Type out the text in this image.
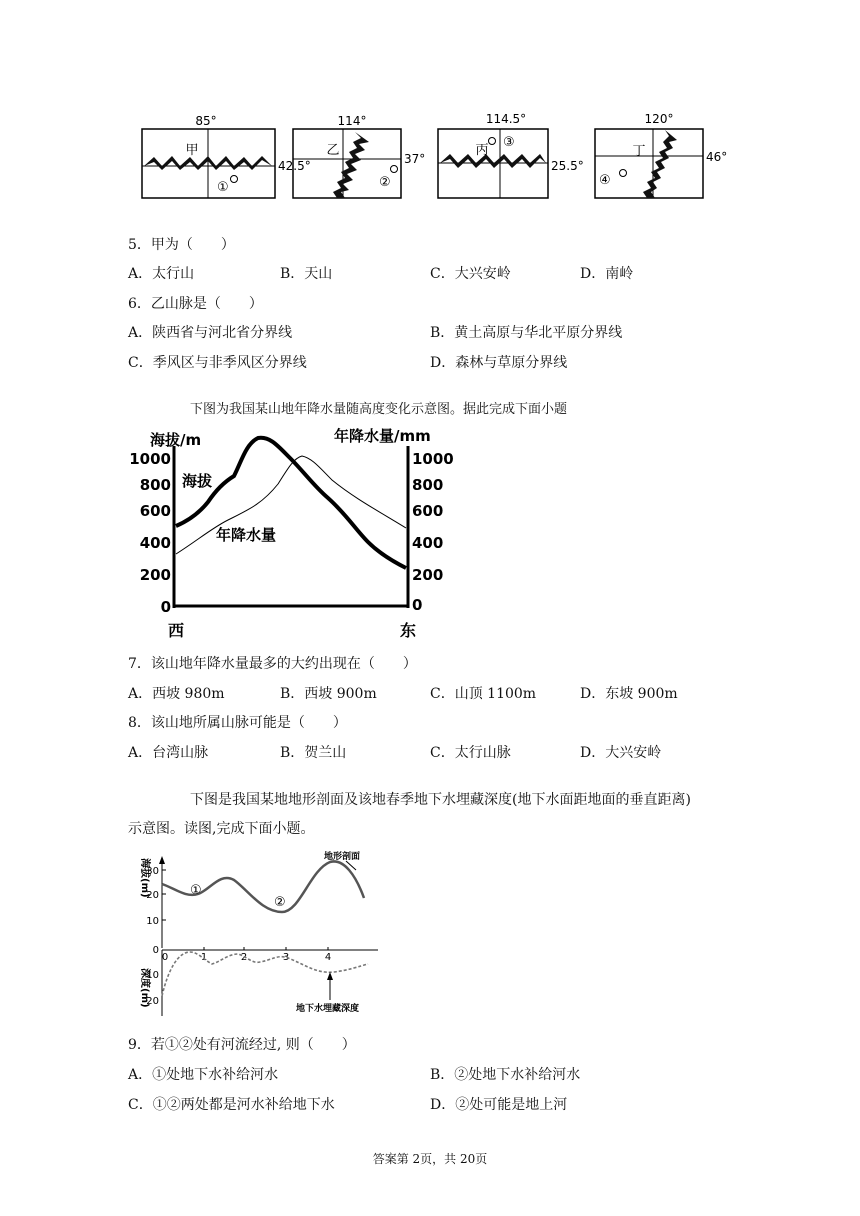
85°
甲
①
42.5°
114°
乙
②
37°
114.5°
丙
③
25.5°
120°
丁
④
46°
5．甲为（　　）
A．太行山	B．天山	C．大兴安岭	D．南岭
6．乙山脉是（　　）
A．陕西省与河北省分界线	B．黄土高原与华北平原分界线
C．季风区与非季风区分界线	D．森林与草原分界线
下图为我国某山地年降水量随高度变化示意图。据此完成下面小题
海拔/m	年降水量/mm
1000
800
600
400
200
0
1000
800
600
400
200
0
海拔
年降水量
西	东
7．该山地年降水量最多的大约出现在（　　）
A．西坡 980m	B．西坡 900m	C．山顶 1100m	D．东坡 900m
8．该山地所属山脉可能是（　　）
A．台湾山脉	B．贺兰山	C．太行山脉	D．大兴安岭
下图是我国某地地形剖面及该地春季地下水埋藏深度(地下水面距地面的垂直距离)
示意图。读图,完成下面小题。
海拔(m)
30
20
10
①
②
地形剖面
0	1	2	3	4
深度(m)
0
10
20
地下水埋藏深度
9．若①②处有河流经过, 则（　　）
A．①处地下水补给河水	B．②处地下水补给河水
C．①②两处都是河水补给地下水	D．②处可能是地上河
答案第 2页，共 20页
